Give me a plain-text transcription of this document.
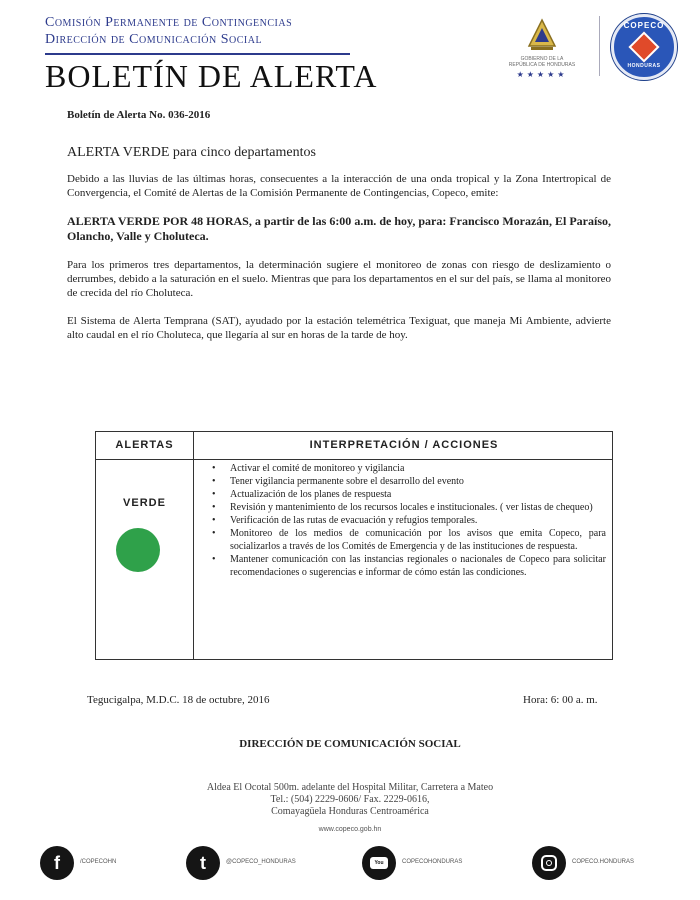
Comisión Permanente de Contingencias
Dirección de Comunicación Social
BOLETÍN DE ALERTA	GOBIERNO DE LA REPÚBLICA DE HONDURAS
★★★★★
COPECO
HONDURAS

Boletín de Alerta No. 036-2016

ALERTA VERDE para cinco departamentos

Debido a las lluvias de las últimas horas, consecuentes a la interacción de una onda tropical y la Zona Intertropical de Convergencia, el Comité de Alertas de la Comisión Permanente de Contingencias, Copeco, emite:

ALERTA VERDE POR 48 HORAS, a partir de las 6:00 a.m. de hoy, para: Francisco Morazán, El Paraíso, Olancho, Valle y Choluteca.

Para los primeros tres departamentos, la determinación sugiere el monitoreo de zonas con riesgo de deslizamiento o derrumbes, debido a la saturación en el suelo. Mientras que para los departamentos en el sur del país, se llama al monitoreo de crecida del río Choluteca.

El Sistema de Alerta Temprana (SAT), ayudado por la estación telemétrica Texiguat, que maneja Mi Ambiente, advierte alto caudal en el río Choluteca, que llegaría al sur en horas de la tarde de hoy.

ALERTAS	INTERPRETACIÓN / ACCIONES
VERDE
• Activar el comité de monitoreo y vigilancia
• Tener vigilancia permanente sobre el desarrollo del evento
• Actualización de los planes de respuesta
• Revisión y mantenimiento de los recursos locales e institucionales. ( ver listas de chequeo)
• Verificación de las rutas de evacuación y refugios temporales.
• Monitoreo de los medios de comunicación por los avisos que emita Copeco, para socializarlos a través de los Comités de Emergencia y de las instituciones de respuesta.
• Mantener comunicación con las instancias regionales o nacionales de Copeco para solicitar recomendaciones o sugerencias e informar de cómo están las condiciones.
Tegucigalpa, M.D.C. 18 de octubre, 2016	Hora: 6: 00 a. m.
DIRECCIÓN DE COMUNICACIÓN SOCIAL
Aldea El Ocotal 500m. adelante del Hospital Militar, Carretera a Mateo
Tel.: (504) 2229-0606/ Fax. 2229-0616,
Comayagüela Honduras Centroamérica
www.copeco.gob.hn
f	/COPECOHN	t	@COPECO_HONDURAS	You	COPECOHONDURAS	COPECO.HONDURAS
